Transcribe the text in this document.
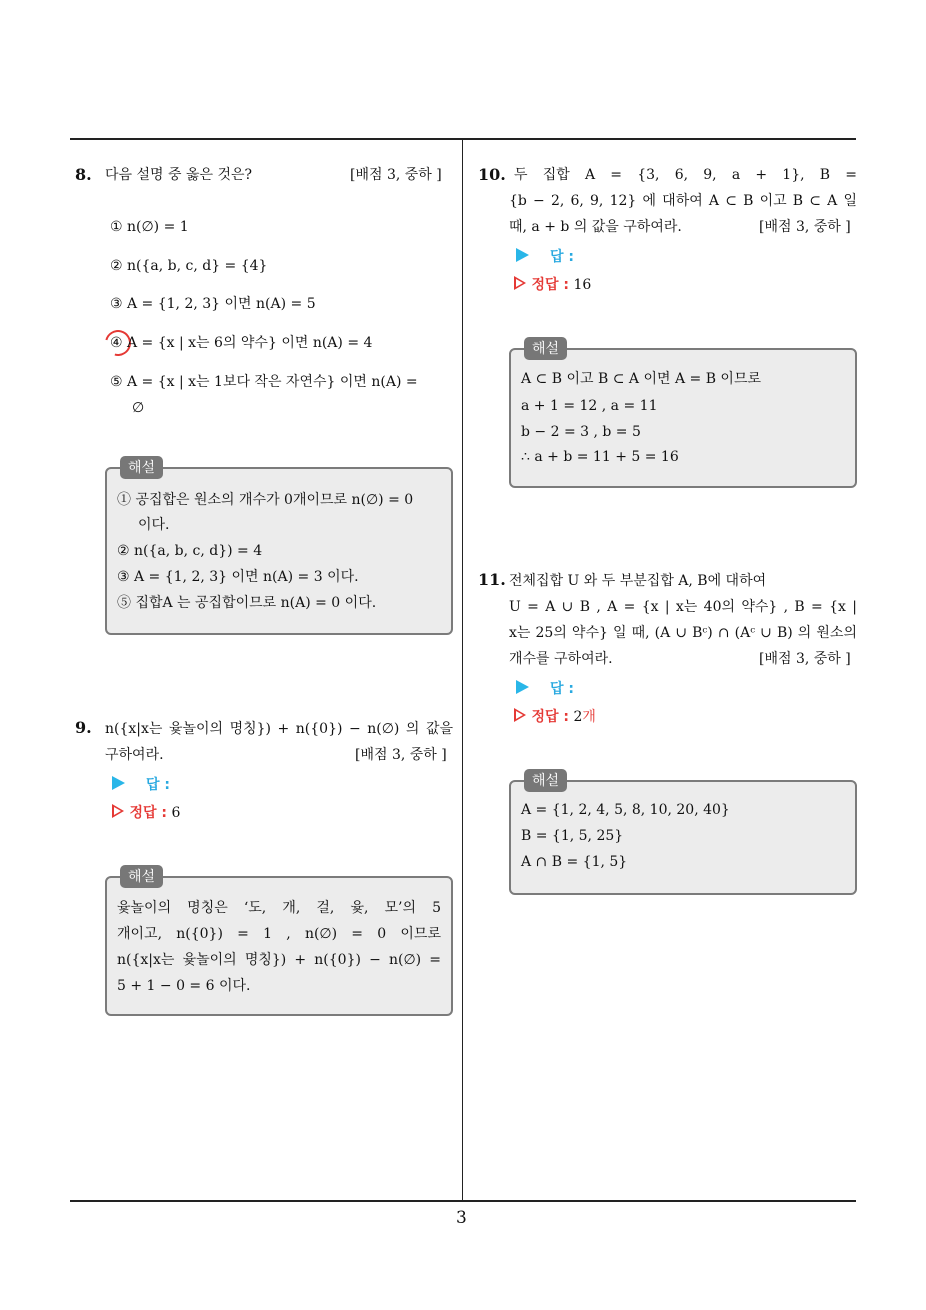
3
8. 다음 설명 중 옳은 것은?	[배점 3, 중하 ]
① n(∅) = 1
② n({a, b, c, d} = {4}
③ A = {1, 2, 3} 이면 n(A) = 5
④ A = {x | x는 6의 약수} 이면 n(A) = 4
⑤ A = {x | x는 1보다 작은 자연수} 이면 n(A) =
∅
해설
① 공집합은 원소의 개수가 0개이므로 n(∅) = 0
이다.
② n({a, b, c, d}) = 4
③ A = {1, 2, 3} 이면 n(A) = 3 이다.
⑤ 집합A 는 공집합이므로 n(A) = 0 이다.
9. n({x|x는 윷놀이의 명칭}) + n({0}) − n(∅) 의 값을
구하여라.	[배점 3, 중하 ]
답 :
정답 : 6
해설
윷놀이의 명칭은 ‘도, 개, 걸, 윷, 모’의 5
개이고, n({0}) = 1 , n(∅) = 0 이므로
n({x|x는 윷놀이의 명칭}) + n({0}) − n(∅) =
5 + 1 − 0 = 6 이다.
10. 두 집합 A = {3, 6, 9, a + 1}, B =
{b − 2, 6, 9, 12} 에 대하여 A ⊂ B 이고 B ⊂ A 일
때, a + b 의 값을 구하여라.	[배점 3, 중하 ]
답 :
정답 : 16
해설
A ⊂ B 이고 B ⊂ A 이면 A = B 이므로
a + 1 = 12 , a = 11
b − 2 = 3 , b = 5
∴ a + b = 11 + 5 = 16
11. 전체집합 U 와 두 부분집합 A, B에 대하여
U = A ∪ B , A = {x | x는 40의 약수} , B = {x |
x는 25의 약수} 일 때, (A ∪ Bᶜ) ∩ (Aᶜ ∪ B) 의 원소의
개수를 구하여라.	[배점 3, 중하 ]
답 :
정답 : 2개
해설
A = {1, 2, 4, 5, 8, 10, 20, 40}
B = {1, 5, 25}
A ∩ B = {1, 5}
